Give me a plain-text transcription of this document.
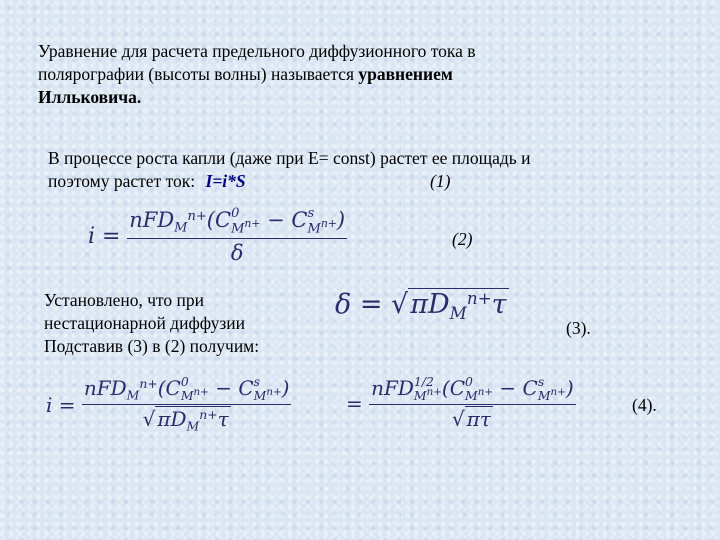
Уравнение для расчета предельного диффузионного тока в
полярографии (высоты волны) называется уравнением
Илльковича.
В процессе роста капли (даже при E= const) растет ее площадь и
поэтому растет ток: I=i*S	(1)
i = nFD$_M^{n+}$(C 0
$M^{n+} - C$ s
$M^{n+}$ )
δ	(2)
Установлено, что при
нестационарной диффузии
Подставив (3) в (2) получим:
$\delta = √\pi D_M^{n+}\tau$
(3).
i = nFD$_M^{n+}$(C 0
$M^{n+} - C$ s
$M^{n+}$ )
√ $\pi D_M^{n+}\tau$	= nFD 1/2
$M^{n+}$ (C 0
$M^{n+} - C$ s
$M^{n+}$ )
√ πτ	(4).
